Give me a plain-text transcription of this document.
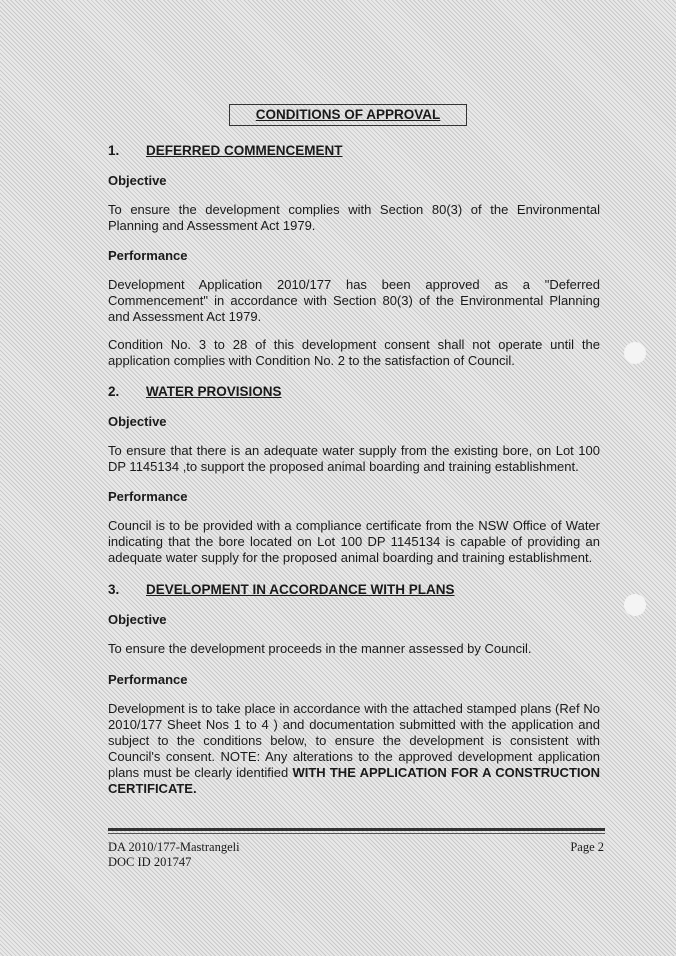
CONDITIONS OF APPROVAL
1. DEFERRED COMMENCEMENT
Objective
To ensure the development complies with Section 80(3) of the Environmental Planning and Assessment Act 1979.
Performance
Development Application 2010/177 has been approved as a "Deferred Commencement" in accordance with Section 80(3) of the Environmental Planning and Assessment Act 1979.
Condition No. 3 to 28 of this development consent shall not operate until the application complies with Condition No. 2 to the satisfaction of Council.
2. WATER PROVISIONS
Objective
To ensure that there is an adequate water supply from the existing bore, on Lot 100 DP 1145134 ,to support the proposed animal boarding and training establishment.
Performance
Council is to be provided with a compliance certificate from the NSW Office of Water indicating that the bore located on Lot 100 DP 1145134 is capable of providing an adequate water supply for the proposed animal boarding and training establishment.
3. DEVELOPMENT IN ACCORDANCE WITH PLANS
Objective
To ensure the development proceeds in the manner assessed by Council.
Performance
Development is to take place in accordance with the attached stamped plans (Ref No 2010/177 Sheet Nos 1 to 4 ) and documentation submitted with the application and subject to the conditions below, to ensure the development is consistent with Council's consent. NOTE: Any alterations to the approved development application plans must be clearly identified WITH THE APPLICATION FOR A CONSTRUCTION CERTIFICATE.
DA 2010/177-Mastrangeli
DOC ID 201747
Page 2
